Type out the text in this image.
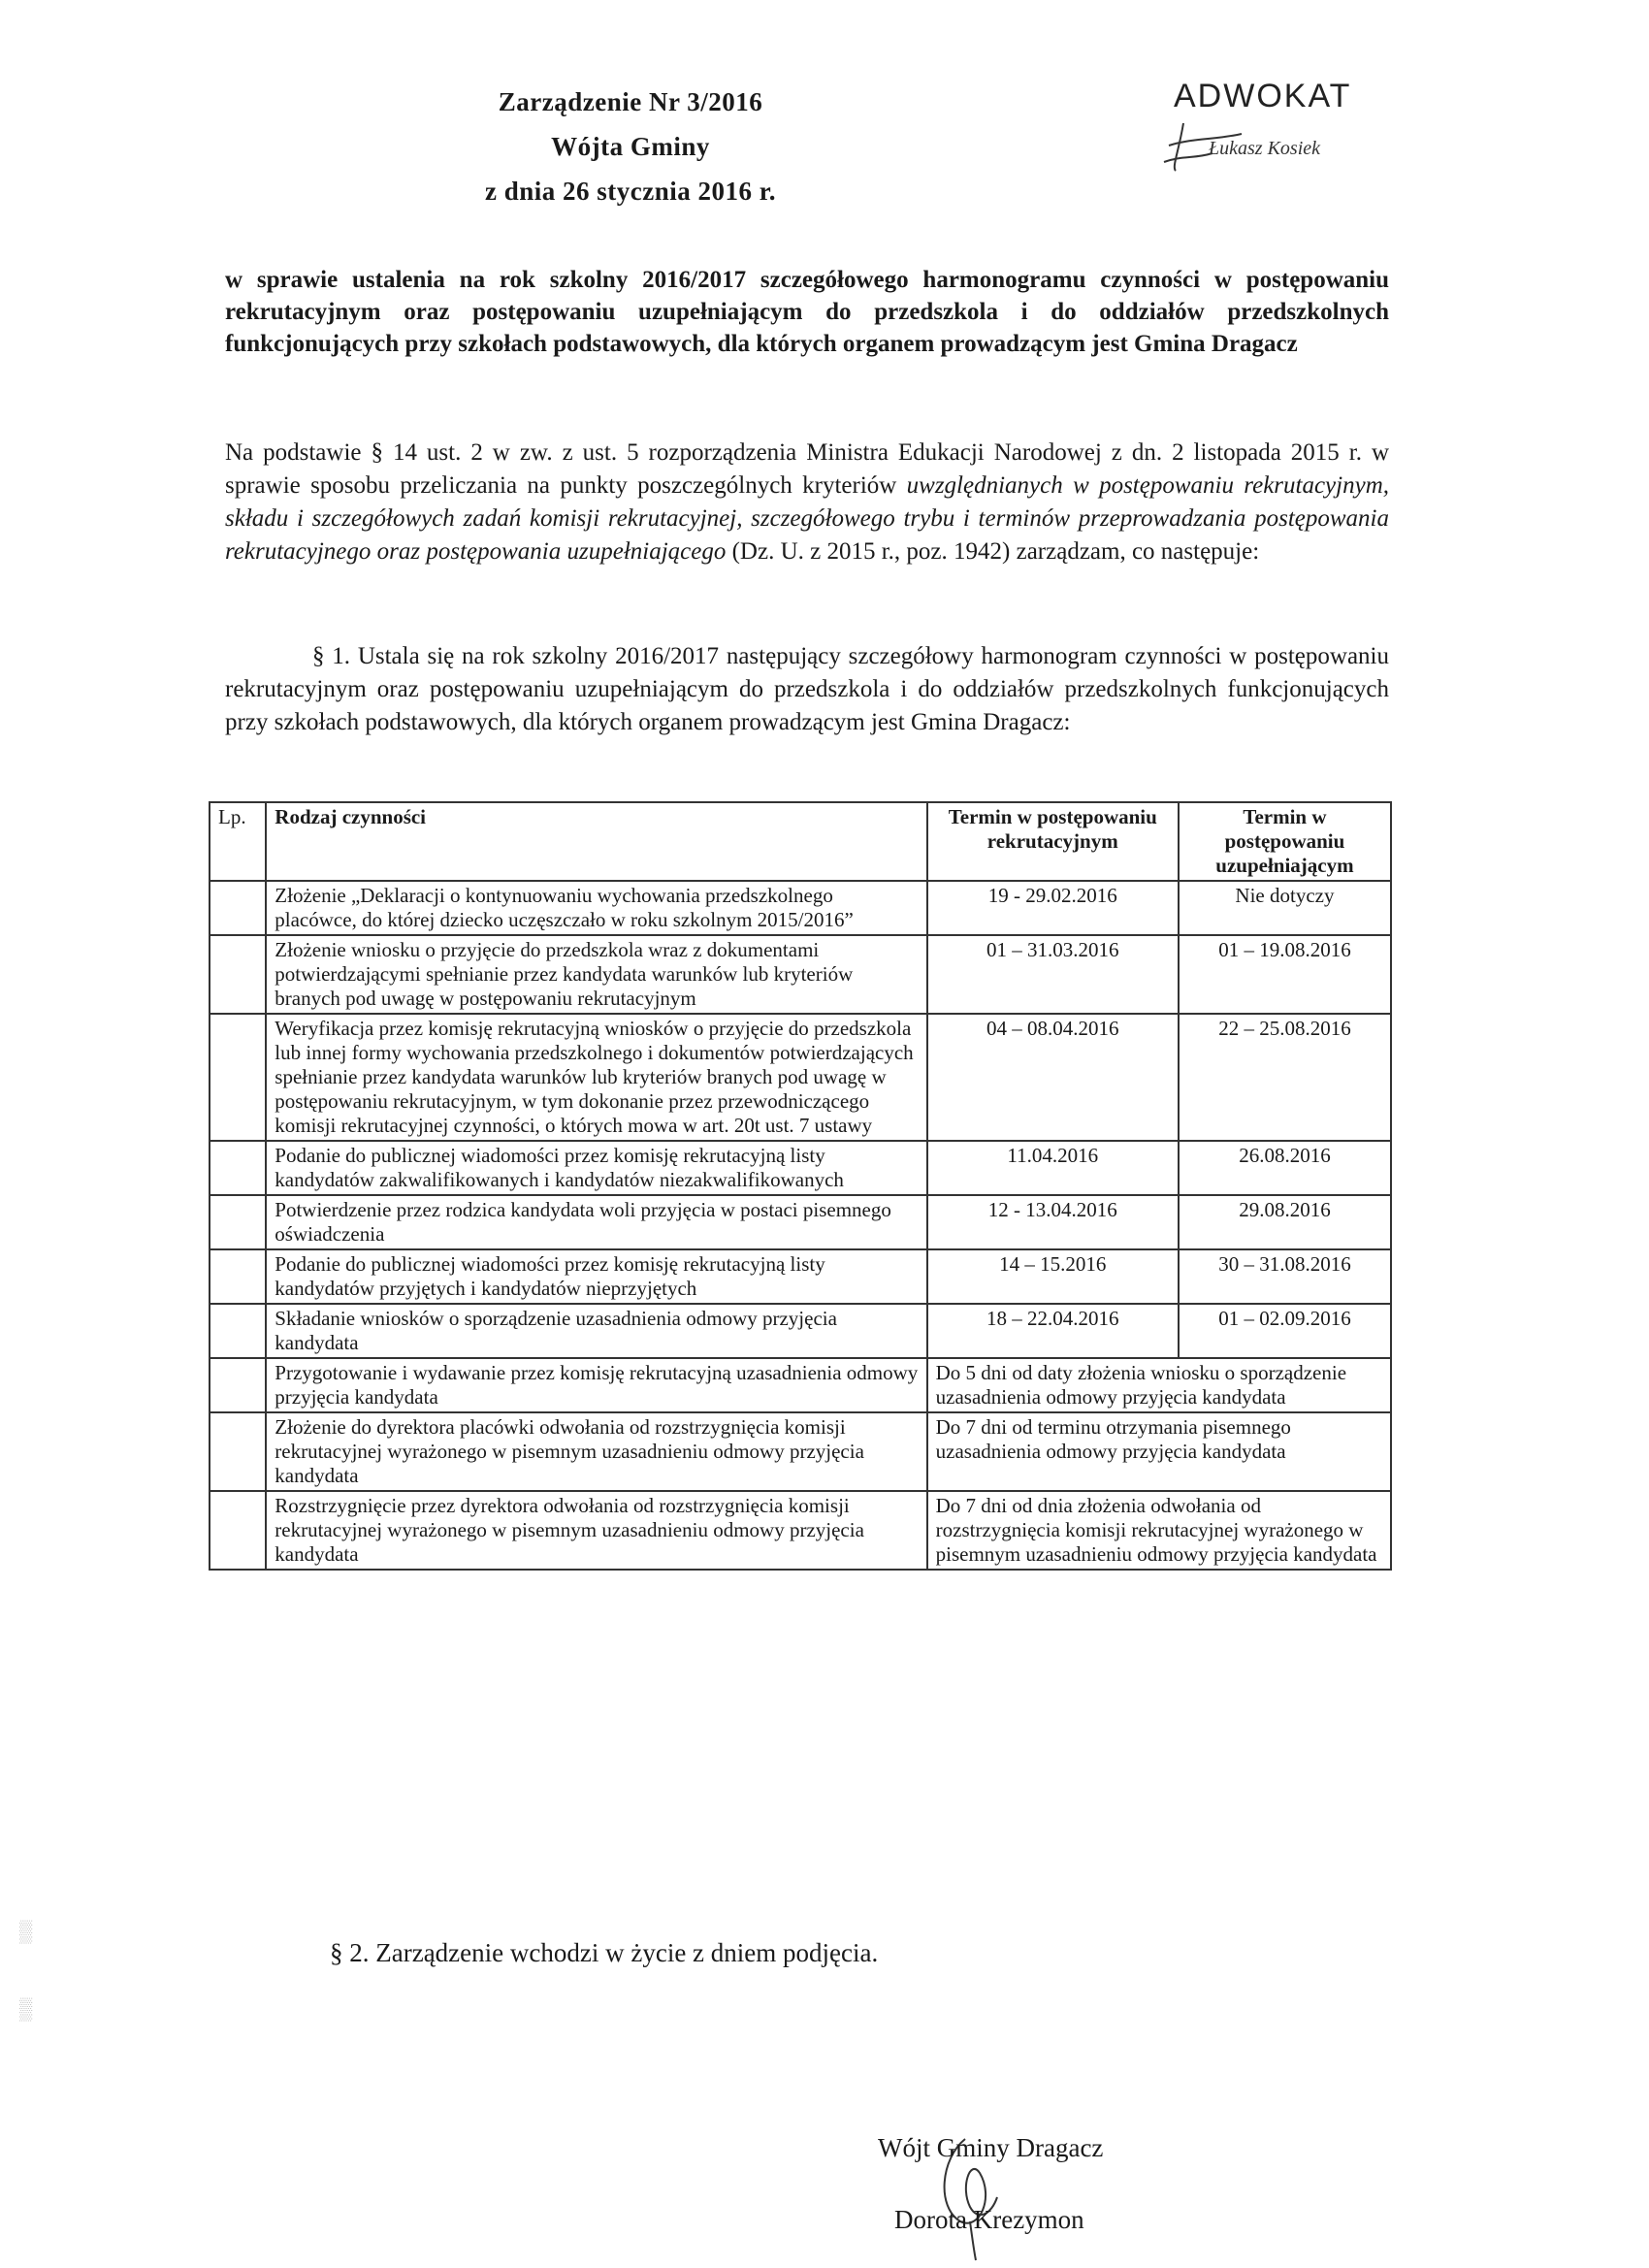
Zarządzenie Nr 3/2016
Wójta Gminy
z dnia 26 stycznia 2016 r.
ADWOKAT
Łukasz Kosiek
w sprawie ustalenia na rok szkolny 2016/2017 szczegółowego harmonogramu czynności w postępowaniu rekrutacyjnym oraz postępowaniu uzupełniającym do przedszkola i do oddziałów przedszkolnych funkcjonujących przy szkołach podstawowych, dla których organem prowadzącym jest Gmina Dragacz
Na podstawie § 14 ust. 2 w zw. z ust. 5 rozporządzenia Ministra Edukacji Narodowej z dn. 2 listopada 2015 r. w sprawie sposobu przeliczania na punkty poszczególnych kryteriów uwzględnianych w postępowaniu rekrutacyjnym, składu i szczegółowych zadań komisji rekrutacyjnej, szczegółowego trybu i terminów przeprowadzania postępowania rekrutacyjnego oraz postępowania uzupełniającego (Dz. U. z 2015 r., poz. 1942) zarządzam, co następuje:
§ 1. Ustala się na rok szkolny 2016/2017 następujący szczegółowy harmonogram czynności w postępowaniu rekrutacyjnym oraz postępowaniu uzupełniającym do przedszkola i do oddziałów przedszkolnych funkcjonujących przy szkołach podstawowych, dla których organem prowadzącym jest Gmina Dragacz:
Lp.	Rodzaj czynności	Termin w postępowaniu rekrutacyjnym	Termin w postępowaniu uzupełniającym
	Złożenie „Deklaracji o kontynuowaniu wychowania przedszkolnego placówce, do której dziecko uczęszczało w roku szkolnym 2015/2016”	19 - 29.02.2016	Nie dotyczy
	Złożenie wniosku o przyjęcie do przedszkola wraz z dokumentami potwierdzającymi spełnianie przez kandydata warunków lub kryteriów branych pod uwagę w postępowaniu rekrutacyjnym	01 – 31.03.2016	01 – 19.08.2016
	Weryfikacja przez komisję rekrutacyjną wniosków o przyjęcie do przedszkola lub innej formy wychowania przedszkolnego i dokumentów potwierdzających spełnianie przez kandydata warunków lub kryteriów branych pod uwagę w postępowaniu rekrutacyjnym, w tym dokonanie przez przewodniczącego komisji rekrutacyjnej czynności, o których mowa w art. 20t ust. 7 ustawy	04 – 08.04.2016	22 – 25.08.2016
	Podanie do publicznej wiadomości przez komisję rekrutacyjną listy kandydatów zakwalifikowanych i kandydatów niezakwalifikowanych	11.04.2016	26.08.2016
	Potwierdzenie przez rodzica kandydata woli przyjęcia w postaci pisemnego oświadczenia	12 - 13.04.2016	29.08.2016
	Podanie do publicznej wiadomości przez komisję rekrutacyjną listy kandydatów przyjętych i kandydatów nieprzyjętych	14 – 15.2016	30 – 31.08.2016
	Składanie wniosków o sporządzenie uzasadnienia odmowy przyjęcia kandydata	18 – 22.04.2016	01 – 02.09.2016
	Przygotowanie i wydawanie przez komisję rekrutacyjną uzasadnienia odmowy przyjęcia kandydata	Do 5 dni od daty złożenia wniosku o sporządzenie uzasadnienia odmowy przyjęcia kandydata	
	Złożenie do dyrektora placówki odwołania od rozstrzygnięcia komisji rekrutacyjnej wyrażonego w pisemnym uzasadnieniu odmowy przyjęcia kandydata	Do 7 dni od terminu otrzymania pisemnego uzasadnienia odmowy przyjęcia kandydata	
	Rozstrzygnięcie przez dyrektora odwołania od rozstrzygnięcia komisji rekrutacyjnej wyrażonego w pisemnym uzasadnieniu odmowy przyjęcia kandydata	Do 7 dni od dnia złożenia odwołania od rozstrzygnięcia komisji rekrutacyjnej wyrażonego w pisemnym uzasadnieniu odmowy przyjęcia kandydata	
§ 2. Zarządzenie wchodzi w życie z dniem podjęcia.
Wójt Gminy Dragacz
Dorota Krezymon
▒
▒
